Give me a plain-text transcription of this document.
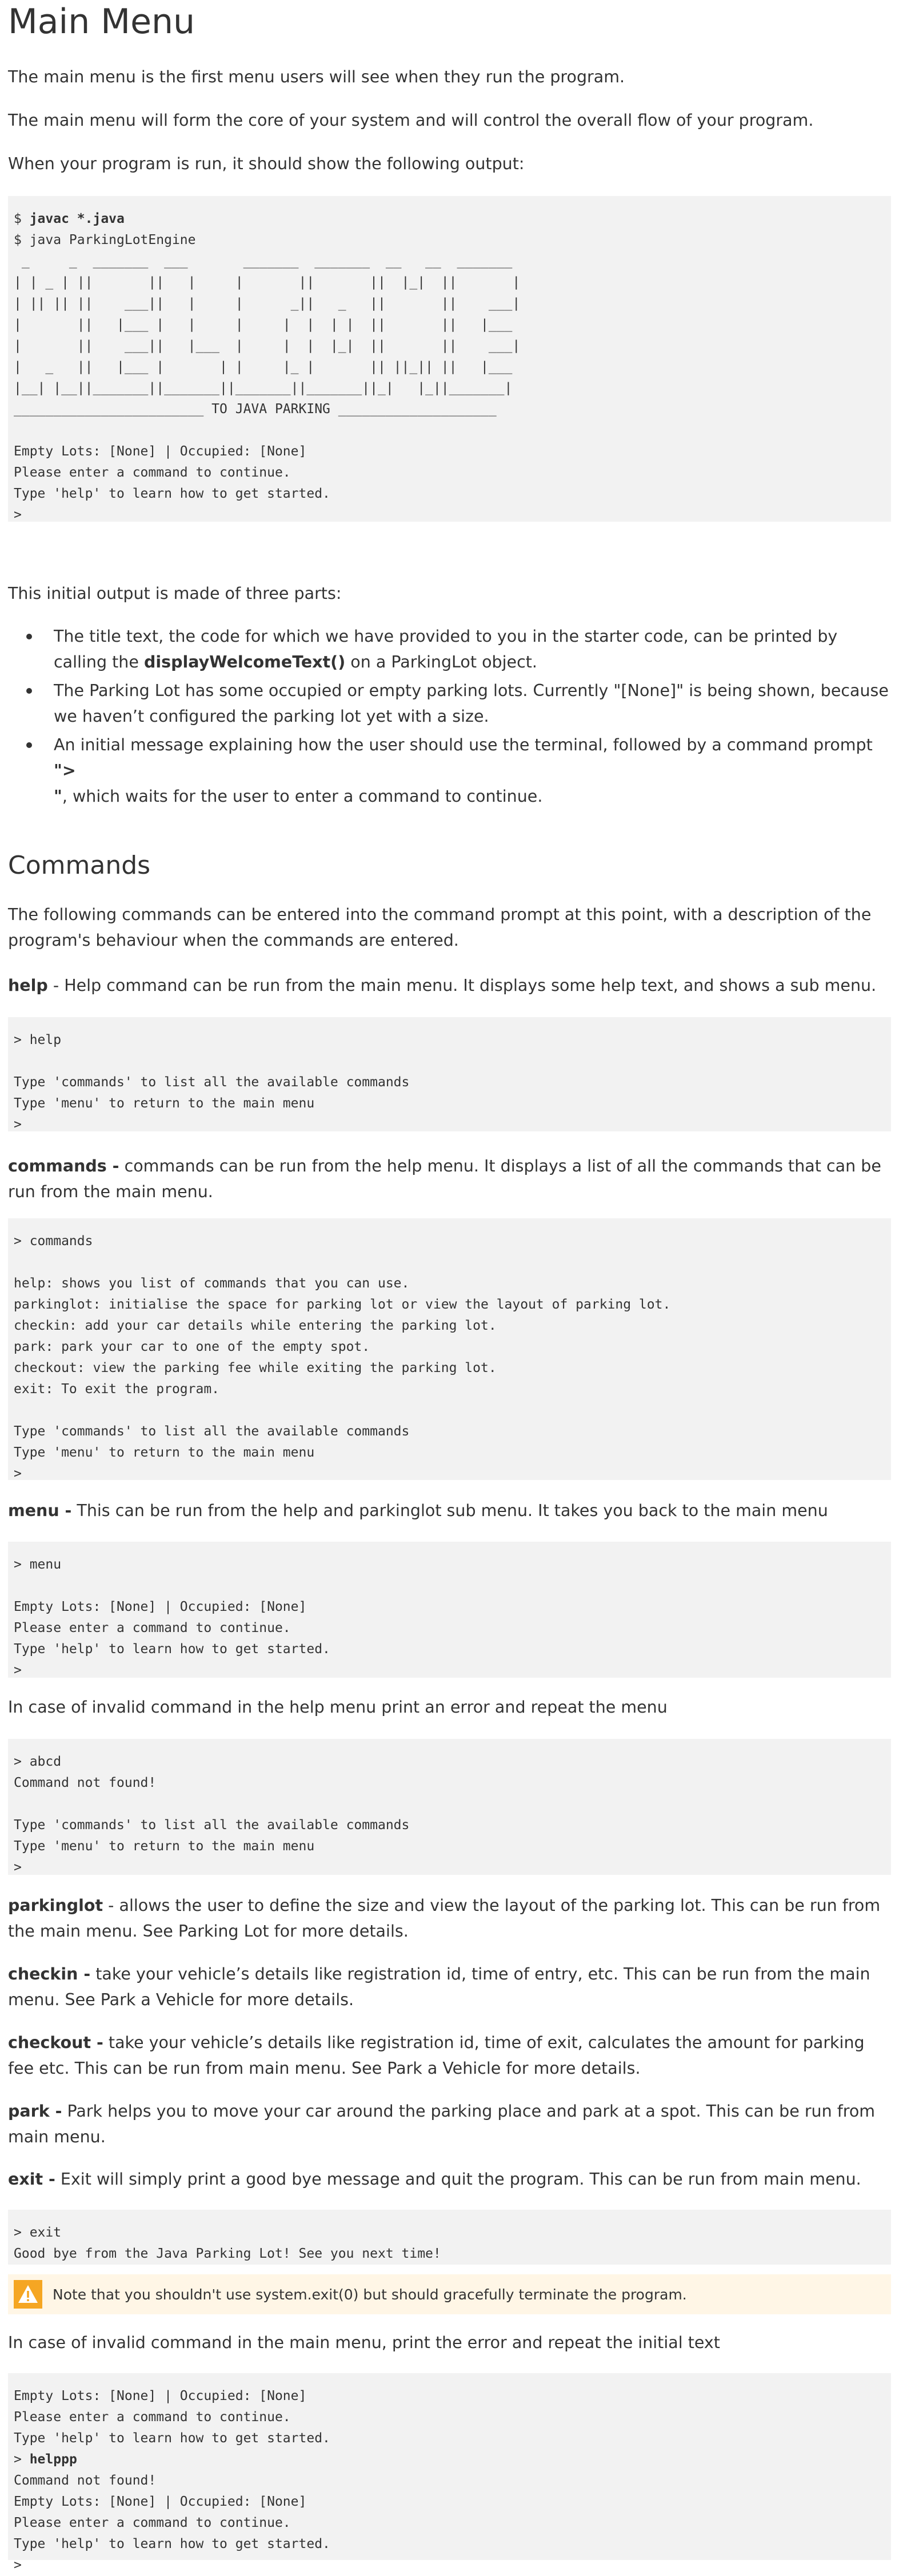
Main Menu

The main menu is the first menu users will see when they run the program.

The main menu will form the core of your system and will control the overall flow of your program.

When your program is run, it should show the following output:

$ javac *.java
$ java ParkingLotEngine
_     _  _______  ___       _______  _______  __   __  _______
| | _ | ||       ||   |     |       ||       ||  |_|  ||       |
| || || ||    ___||   |     |      _||   _   ||       ||    ___|
|       ||   |___ |   |     |     |  |  | |  ||       ||   |___
|       ||    ___||   |___  |     |  |  |_|  ||       ||    ___|
|   _   ||   |___ |       | |     |_ |       || ||_|| ||   |___
|__| |__||_______||_______||_______||_______||_|   |_||_______|
________________________ TO JAVA PARKING ____________________

Empty Lots: [None] | Occupied: [None]
Please enter a command to continue.
Type 'help' to learn how to get started.
>

This initial output is made of three parts:

The title text, the code for which we have provided to you in the starter code, can be printed by calling the displayWelcomeText() on a ParkingLot object.
The Parking Lot has some occupied or empty parking lots. Currently "[None]" is being shown, because we haven’t configured the parking lot yet with a size.
An initial message explaining how the user should use the terminal, followed by a command prompt ">
", which waits for the user to enter a command to continue.
Commands

The following commands can be entered into the command prompt at this point, with a description of the program's behaviour when the commands are entered.

help - Help command can be run from the main menu. It displays some help text, and shows a sub menu.

> help

Type 'commands' to list all the available commands
Type 'menu' to return to the main menu
>

commands - commands can be run from the help menu. It displays a list of all the commands that can be run from the main menu.

> commands

help: shows you list of commands that you can use.
parkinglot: initialise the space for parking lot or view the layout of parking lot.
checkin: add your car details while entering the parking lot.
park: park your car to one of the empty spot.
checkout: view the parking fee while exiting the parking lot.
exit: To exit the program.

Type 'commands' to list all the available commands
Type 'menu' to return to the main menu
>

menu - This can be run from the help and parkinglot sub menu. It takes you back to the main menu

> menu

Empty Lots: [None] | Occupied: [None]
Please enter a command to continue.
Type 'help' to learn how to get started.
>

In case of invalid command in the help menu print an error and repeat the menu

> abcd
Command not found!

Type 'commands' to list all the available commands
Type 'menu' to return to the main menu
>

parkinglot - allows the user to define the size and view the layout of the parking lot. This can be run from the main menu. See Parking Lot for more details.

checkin - take your vehicle’s details like registration id, time of entry, etc. This can be run from the main menu. See Park a Vehicle for more details.

checkout - take your vehicle’s details like registration id, time of exit, calculates the amount for parking fee etc. This can be run from main menu. See Park a Vehicle for more details.

park - Park helps you to move your car around the parking place and park at a spot. This can be run from main menu.

exit - Exit will simply print a good bye message and quit the program. This can be run from main menu.

> exit
Good bye from the Java Parking Lot! See you next time!
Note that you shouldn't use system.exit(0) but should gracefully terminate the program.

In case of invalid command in the main menu, print the error and repeat the initial text

Empty Lots: [None] | Occupied: [None]
Please enter a command to continue.
Type 'help' to learn how to get started.
> helppp
Command not found!
Empty Lots: [None] | Occupied: [None]
Please enter a command to continue.
Type 'help' to learn how to get started.
>
